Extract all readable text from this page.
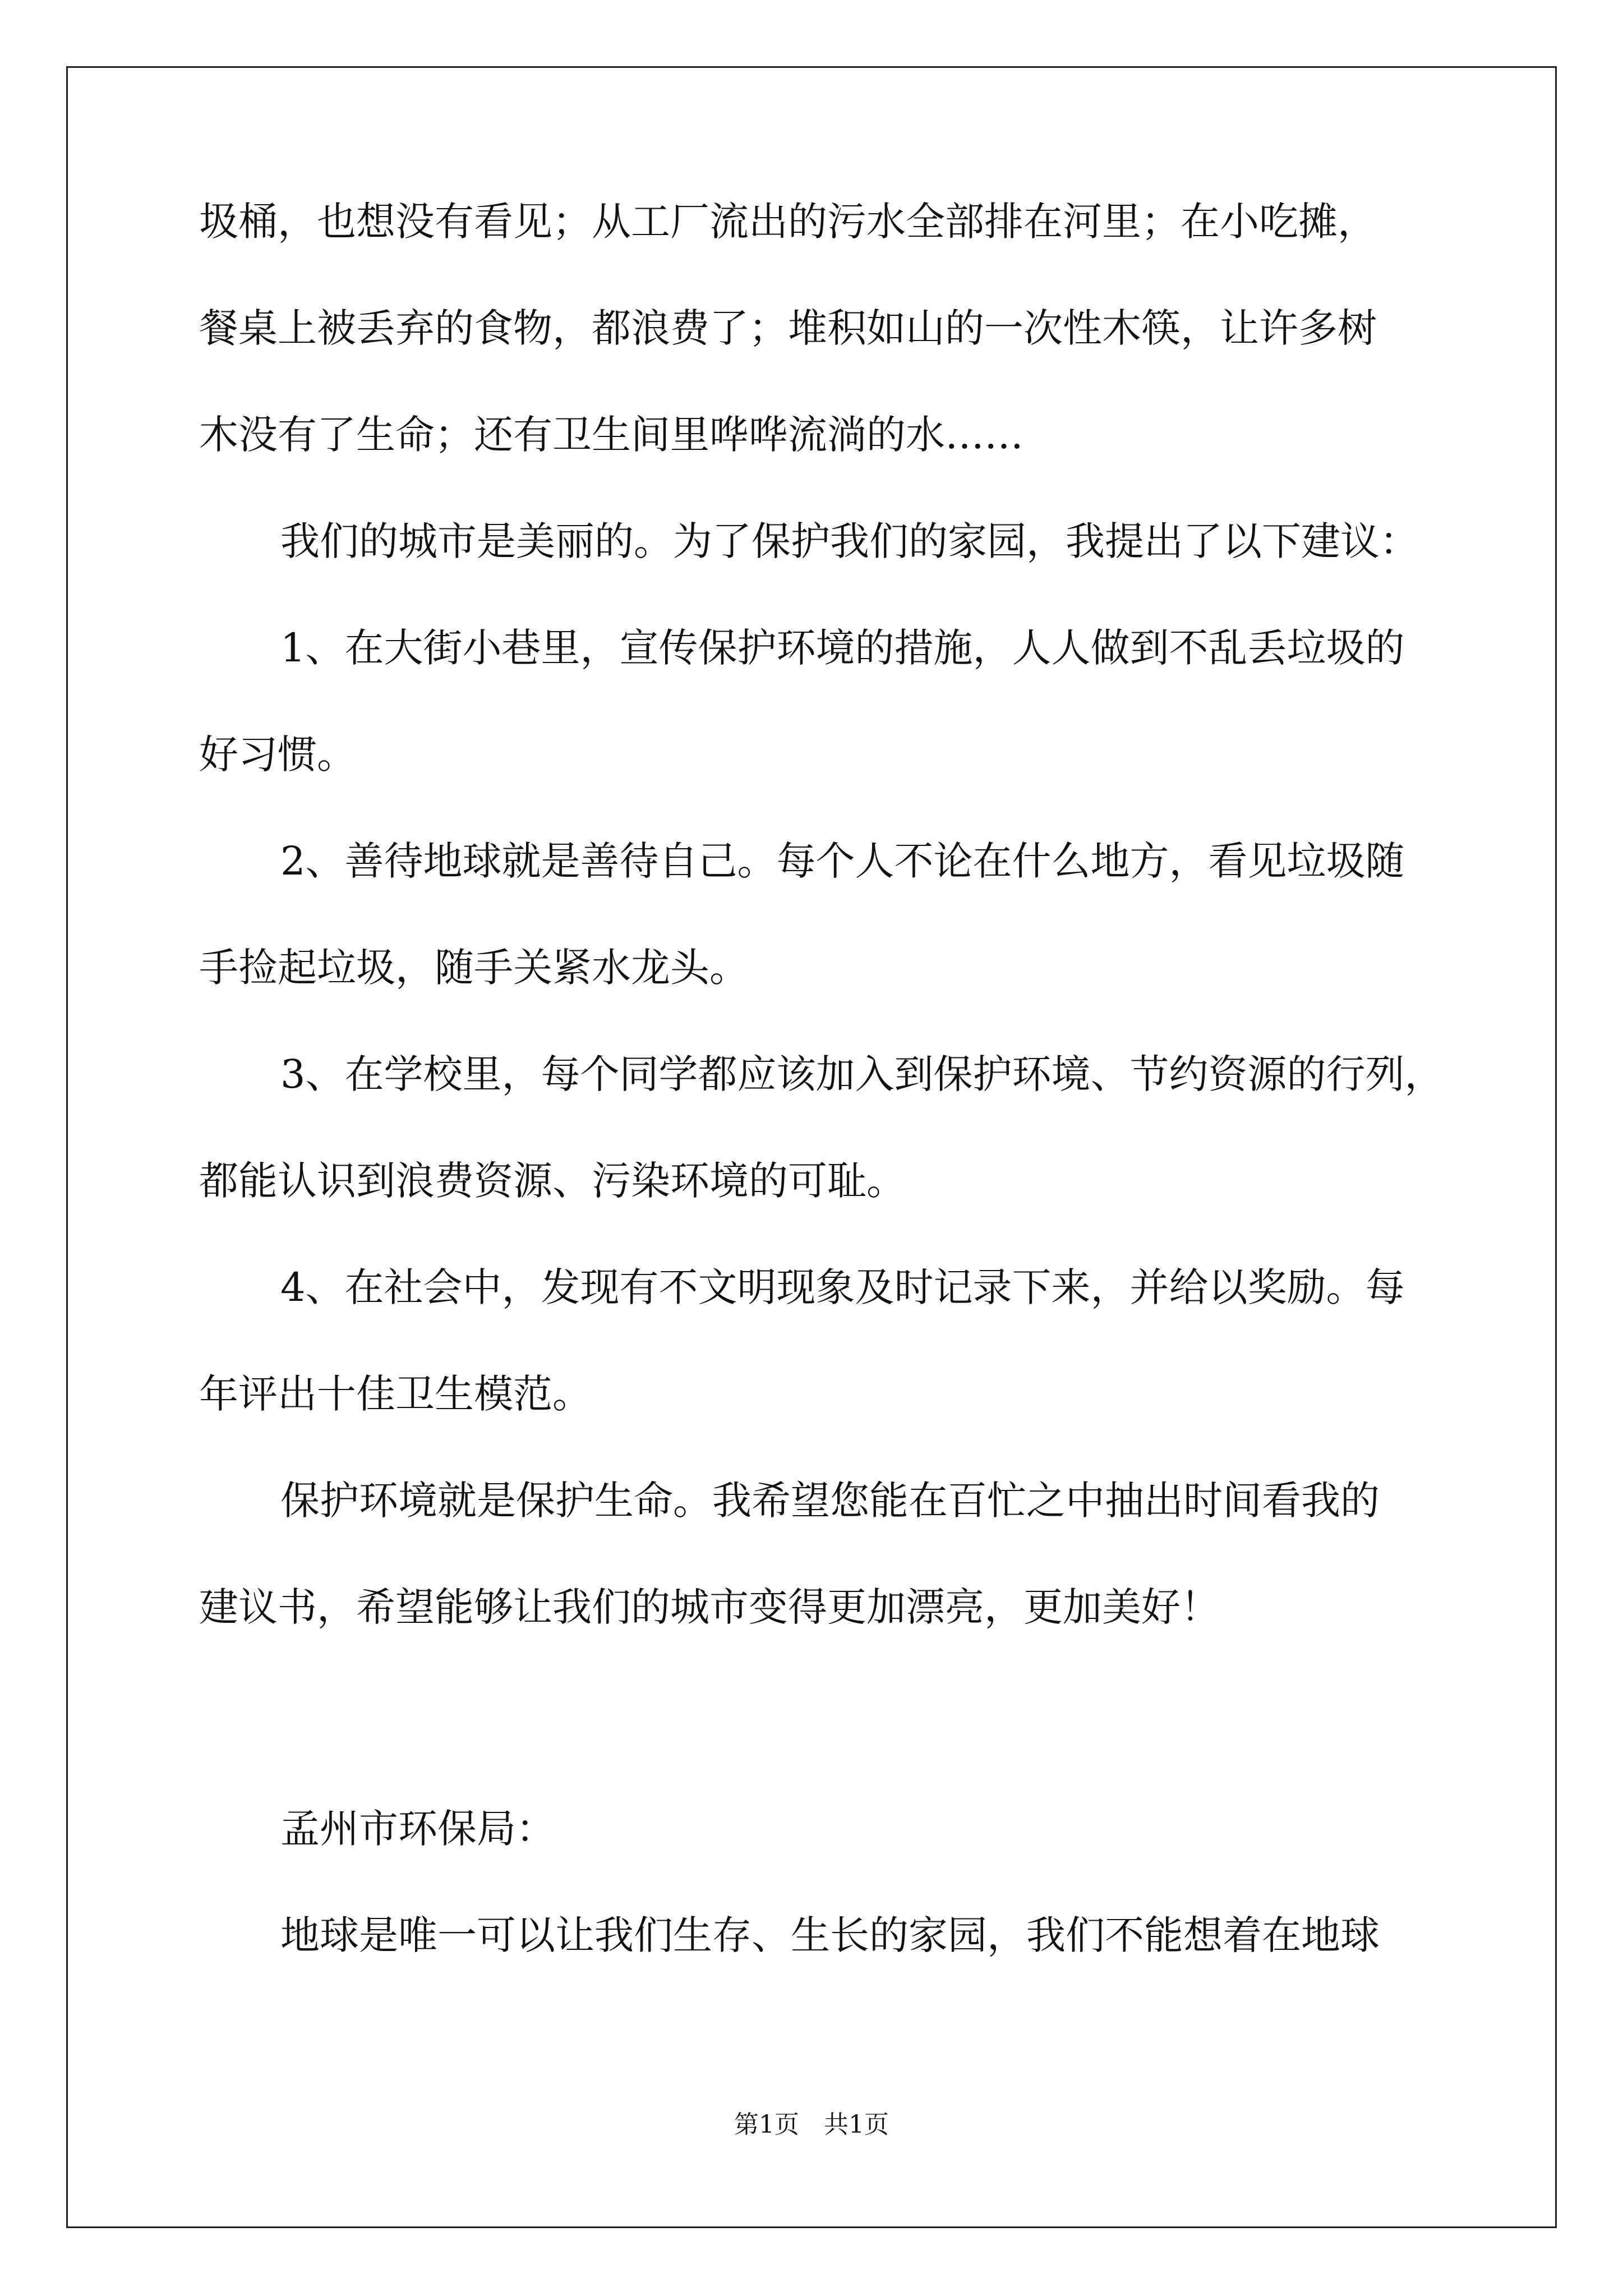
圾桶，也想没有看见；从工厂流出的污水全部排在河里；在小吃摊，
餐桌上被丢弃的食物，都浪费了；堆积如山的一次性木筷，让许多树
木没有了生命；还有卫生间里哗哗流淌的水……
我们的城市是美丽的。为了保护我们的家园，我提出了以下建议：
1、在大街小巷里，宣传保护环境的措施，人人做到不乱丢垃圾的
好习惯。
2、善待地球就是善待自己。每个人不论在什么地方，看见垃圾随
手捡起垃圾，随手关紧水龙头。
3、在学校里，每个同学都应该加入到保护环境、节约资源的行列，
都能认识到浪费资源、污染环境的可耻。
4、在社会中，发现有不文明现象及时记录下来，并给以奖励。每
年评出十佳卫生模范。
保护环境就是保护生命。我希望您能在百忙之中抽出时间看我的
建议书，希望能够让我们的城市变得更加漂亮，更加美好！
孟州市环保局：
地球是唯一可以让我们生存、生长的家园，我们不能想着在地球
第1页　共1页
